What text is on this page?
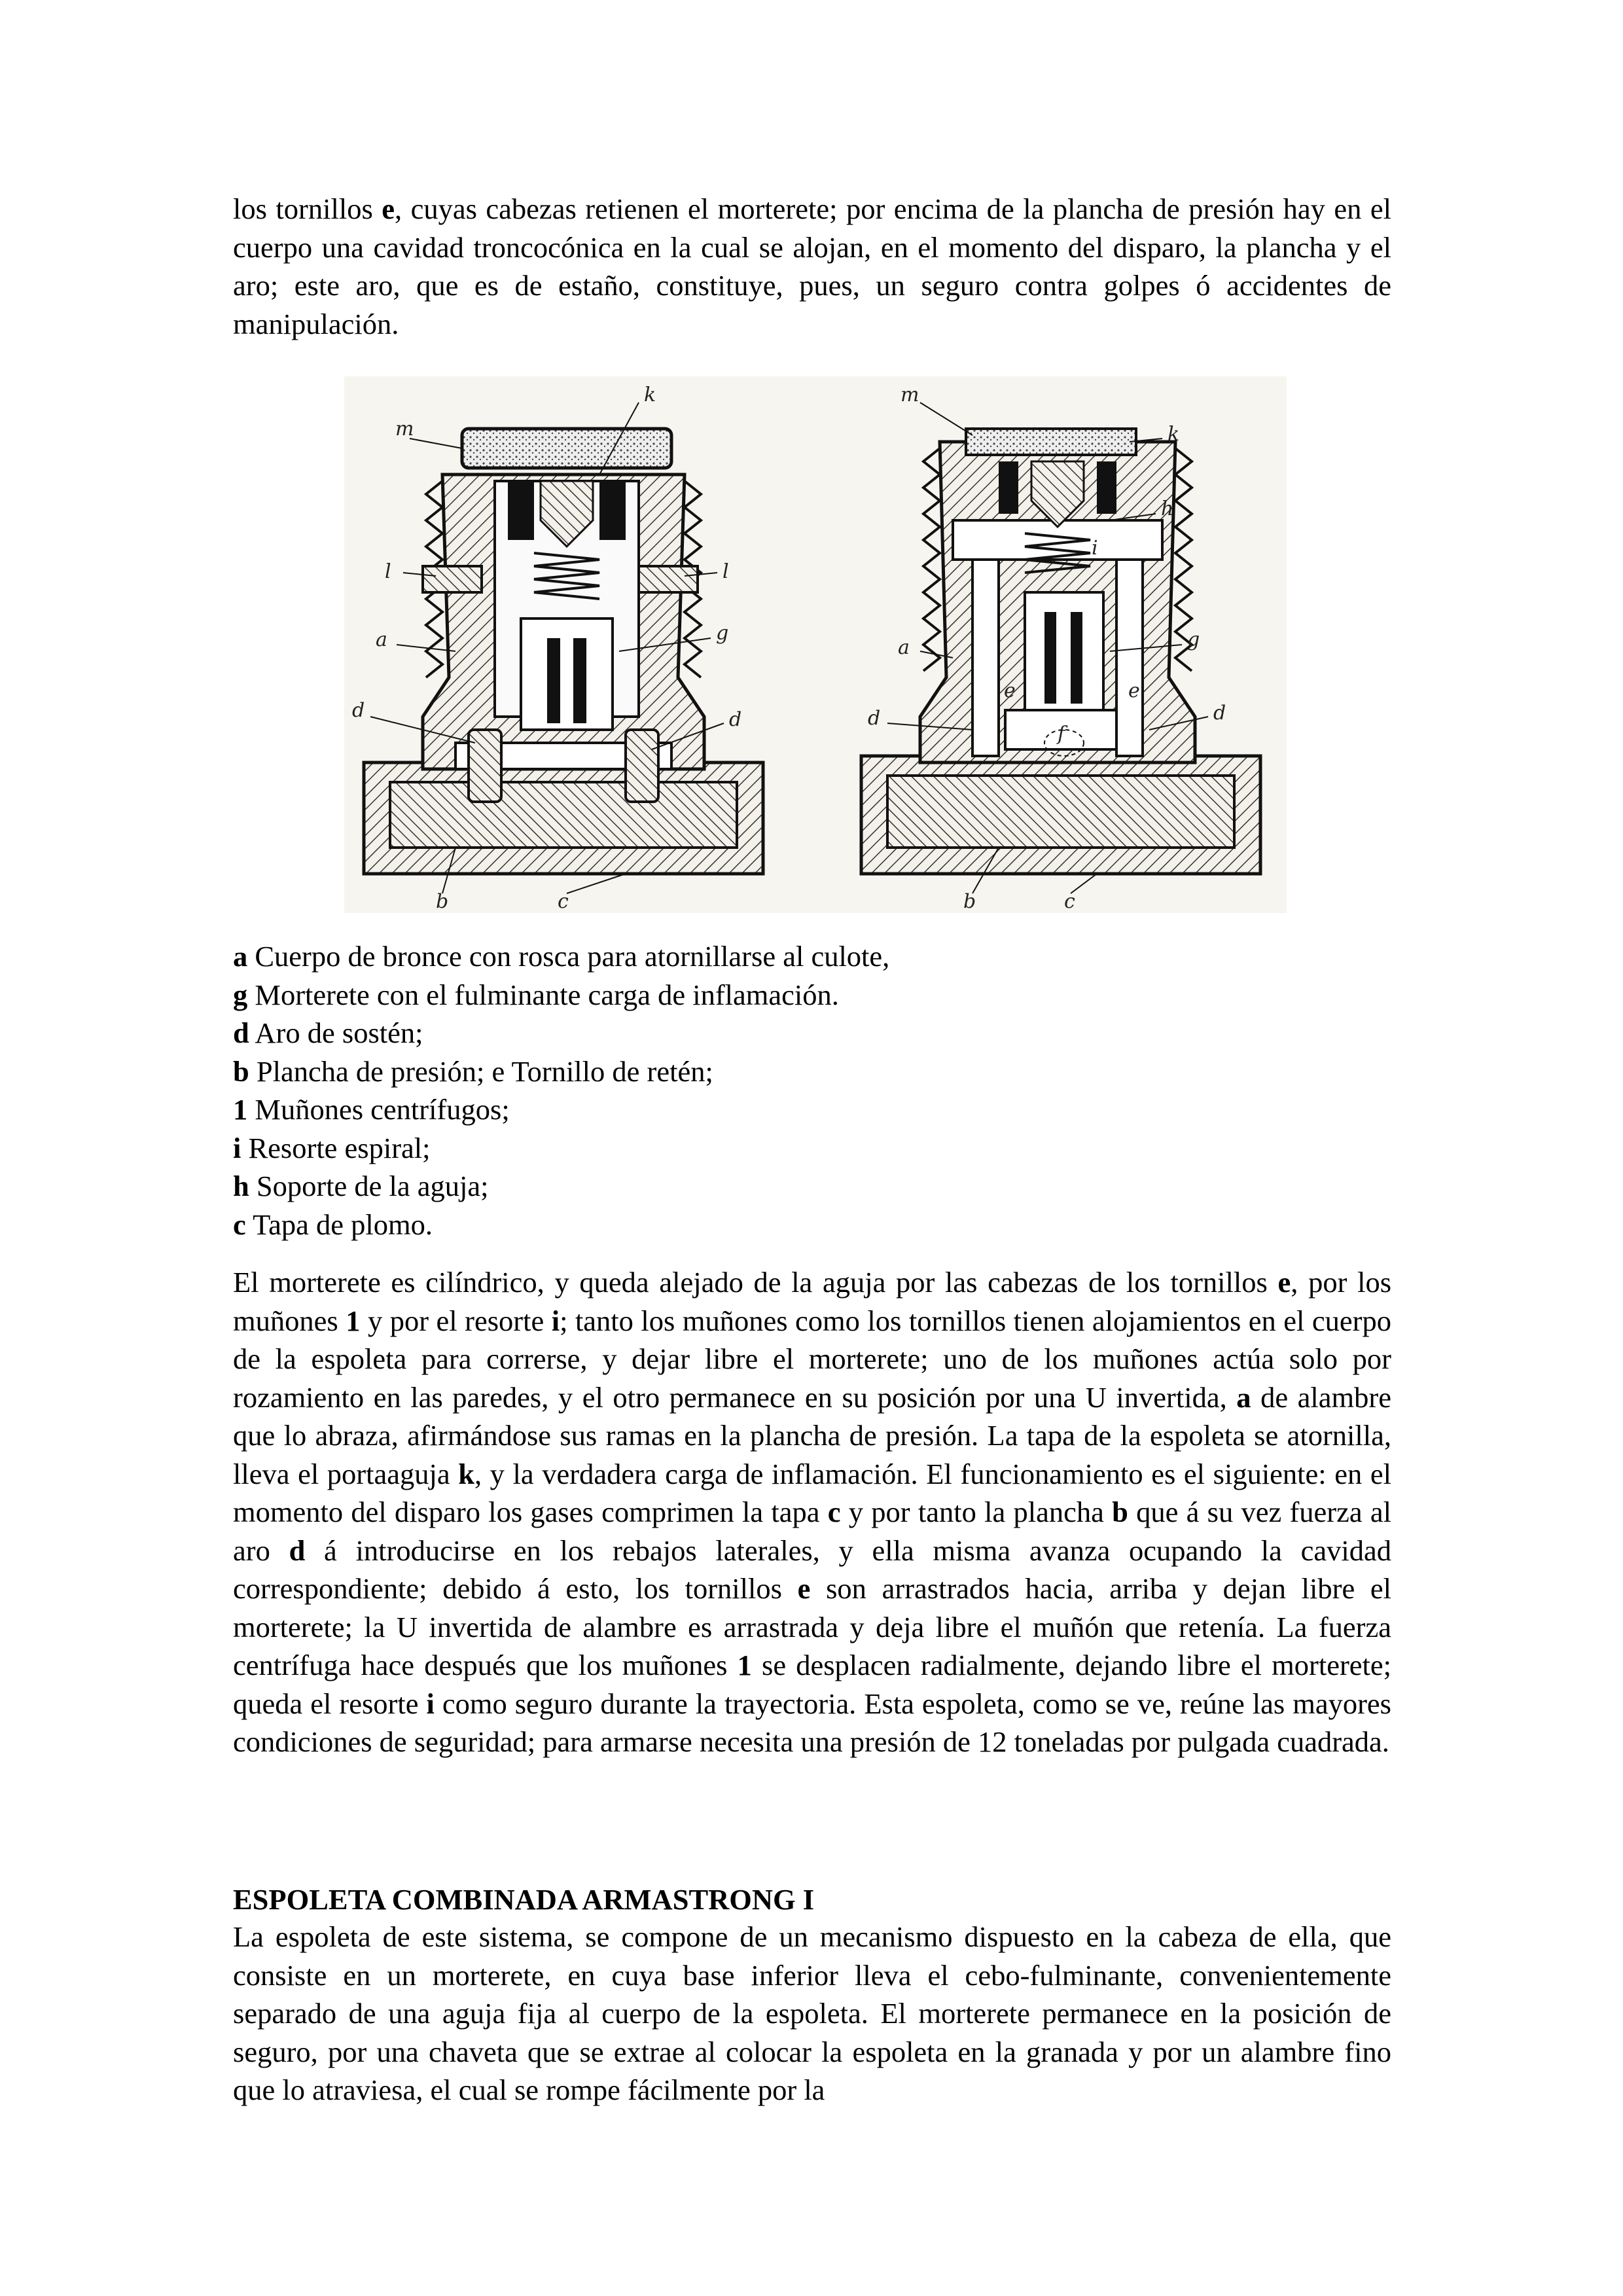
los tornillos e, cuyas cabezas retienen el morterete; por encima de la plancha de presión hay en el cuerpo una cavidad troncocónica en la cual se alojan, en el momento del disparo, la plancha y el aro; este aro, que es de estaño, constituye, pues, un seguro contra golpes ó accidentes de manipulación.

m
k
l	l
a	g
d	d
b	c
m
k
h
i
a	g
e	e
d	d
f
b	c
a Cuerpo de bronce con rosca para atornillarse al culote,
g Morterete con el fulminante carga de inflamación.
d Aro de sostén;
b Plancha de presión; e Tornillo de retén;
1 Muñones centrífugos;
i Resorte espiral;
h Soporte de la aguja;
c Tapa de plomo.

El morterete es cilíndrico, y queda alejado de la aguja por las cabezas de los tornillos e, por los muñones 1 y por el resorte i; tanto los muñones como los tornillos tienen alojamientos en el cuerpo de la espoleta para correrse, y dejar libre el morterete; uno de los muñones actúa solo por rozamiento en las paredes, y el otro permanece en su posición por una U invertida, a de alambre que lo abraza, afirmándose sus ramas en la plancha de presión. La tapa de la espoleta se atornilla, lleva el portaaguja k, y la verdadera carga de inflamación. El funcionamiento es el siguiente: en el momento del disparo los gases comprimen la tapa c y por tanto la plancha b que á su vez fuerza al aro d á introducirse en los rebajos laterales, y ella misma avanza ocupando la cavidad correspondiente; debido á esto, los tornillos e son arrastrados hacia, arriba y dejan libre el morterete; la U invertida de alambre es arrastrada y deja libre el muñón que retenía. La fuerza centrífuga hace después que los muñones 1 se desplacen radialmente, dejando libre el morterete; queda el resorte i como seguro durante la trayectoria. Esta espoleta, como se ve, reúne las mayores condiciones de seguridad; para armarse necesita una presión de 12 toneladas por pulgada cuadrada.

ESPOLETA COMBINADA ARMASTRONG I

La espoleta de este sistema, se compone de un mecanismo dispuesto en la cabeza de ella, que consiste en un morterete, en cuya base inferior lleva el cebo-fulminante, convenientemente separado de una aguja fija al cuerpo de la espoleta. El morterete permanece en la posición de seguro, por una chaveta que se extrae al colocar la espoleta en la granada y por un alambre fino que lo atraviesa, el cual se rompe fácilmente por la
